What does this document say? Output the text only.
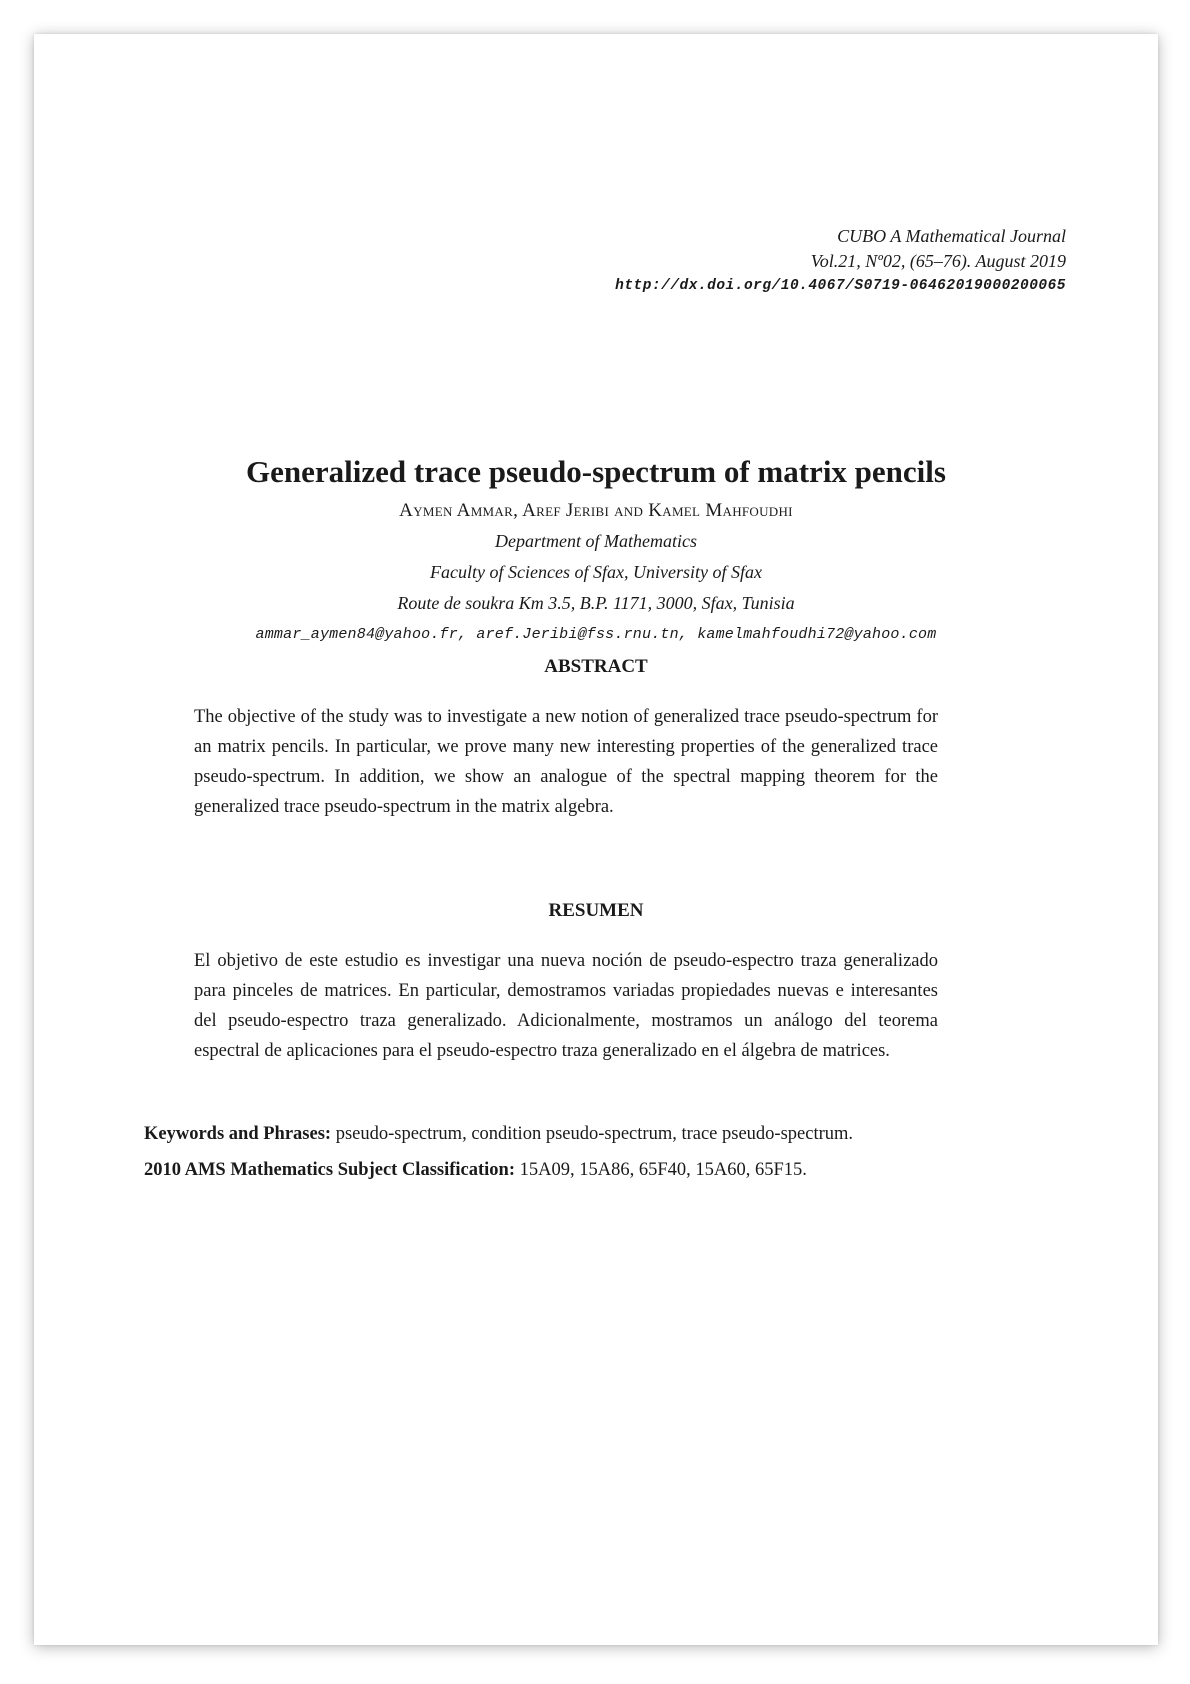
CUBO A Mathematical Journal
Vol.21, Nº02, (65–76). August 2019
http://dx.doi.org/10.4067/S0719-06462019000200065
Generalized trace pseudo-spectrum of matrix pencils
Aymen Ammar, Aref Jeribi and Kamel Mahfoudhi
Department of Mathematics
Faculty of Sciences of Sfax, University of Sfax
Route de soukra Km 3.5, B.P. 1171, 3000, Sfax, Tunisia
ammar_aymen84@yahoo.fr, aref.Jeribi@fss.rnu.tn, kamelmahfoudhi72@yahoo.com
ABSTRACT
The objective of the study was to investigate a new notion of generalized trace pseudo-spectrum for an matrix pencils. In particular, we prove many new interesting properties of the generalized trace pseudo-spectrum. In addition, we show an analogue of the spectral mapping theorem for the generalized trace pseudo-spectrum in the matrix algebra.
RESUMEN
El objetivo de este estudio es investigar una nueva noción de pseudo-espectro traza generalizado para pinceles de matrices. En particular, demostramos variadas propiedades nuevas e interesantes del pseudo-espectro traza generalizado. Adicionalmente, mostramos un análogo del teorema espectral de aplicaciones para el pseudo-espectro traza generalizado en el álgebra de matrices.
Keywords and Phrases: pseudo-spectrum, condition pseudo-spectrum, trace pseudo-spectrum.
2010 AMS Mathematics Subject Classification: 15A09, 15A86, 65F40, 15A60, 65F15.
